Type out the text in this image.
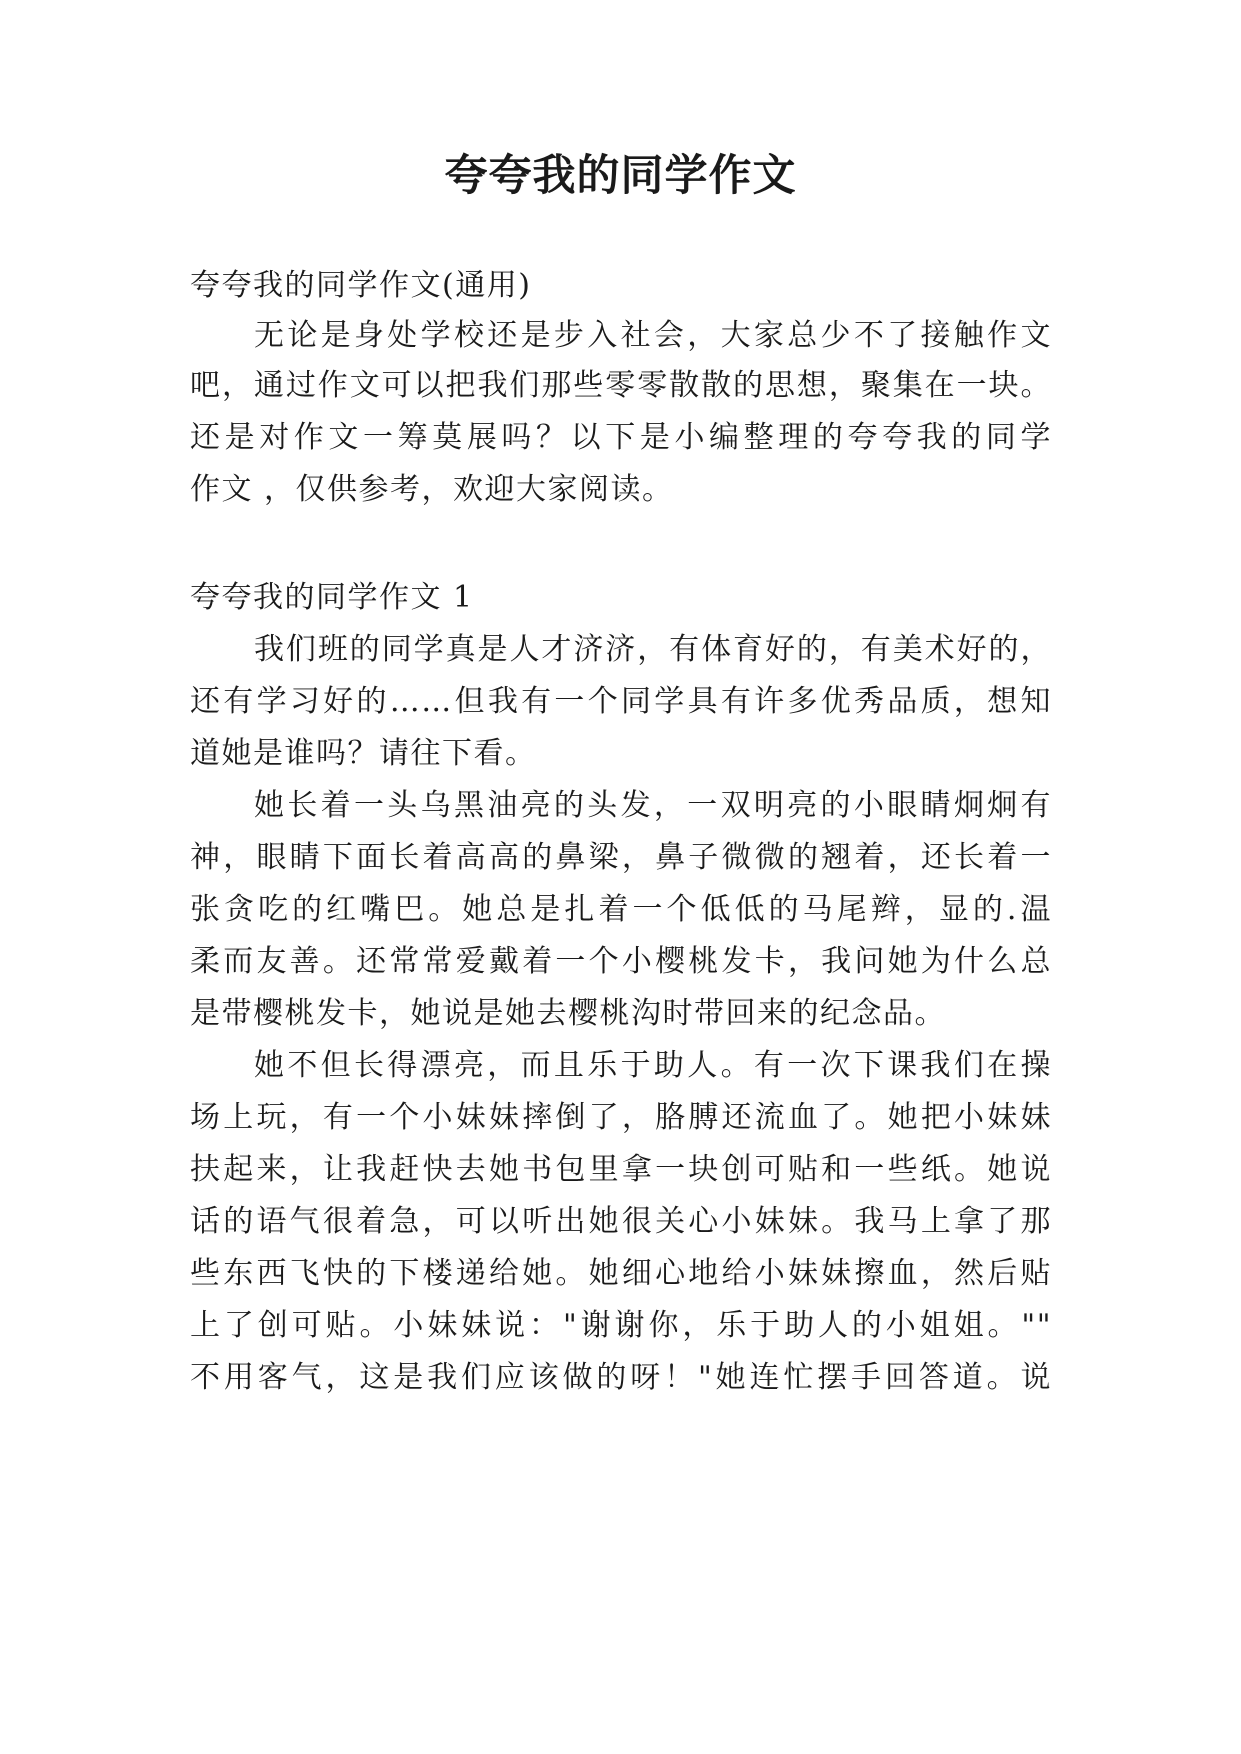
夸夸我的同学作文

夸夸我的同学作文(通用)

无论是身处学校还是步入社会，大家总少不了接触作文

吧，通过作文可以把我们那些零零散散的思想，聚集在一块。

还是对作文一筹莫展吗？以下是小编整理的夸夸我的同学

作文 ，仅供参考，欢迎大家阅读。

夸夸我的同学作文 1

我们班的同学真是人才济济，有体育好的，有美术好的，

还有学习好的……但我有一个同学具有许多优秀品质，想知

道她是谁吗？请往下看。

她长着一头乌黑油亮的头发，一双明亮的小眼睛炯炯有

神，眼睛下面长着高高的鼻梁，鼻子微微的翘着，还长着一

张贪吃的红嘴巴。她总是扎着一个低低的马尾辫，显的.温

柔而友善。还常常爱戴着一个小樱桃发卡，我问她为什么总

是带樱桃发卡，她说是她去樱桃沟时带回来的纪念品。

她不但长得漂亮，而且乐于助人。有一次下课我们在操

场上玩，有一个小妹妹摔倒了，胳膊还流血了。她把小妹妹

扶起来，让我赶快去她书包里拿一块创可贴和一些纸。她说

话的语气很着急，可以听出她很关心小妹妹。我马上拿了那

些东西飞快的下楼递给她。她细心地给小妹妹擦血，然后贴

上了创可贴。小妹妹说："谢谢你，乐于助人的小姐姐。""

不用客气，这是我们应该做的呀！"她连忙摆手回答道。说
